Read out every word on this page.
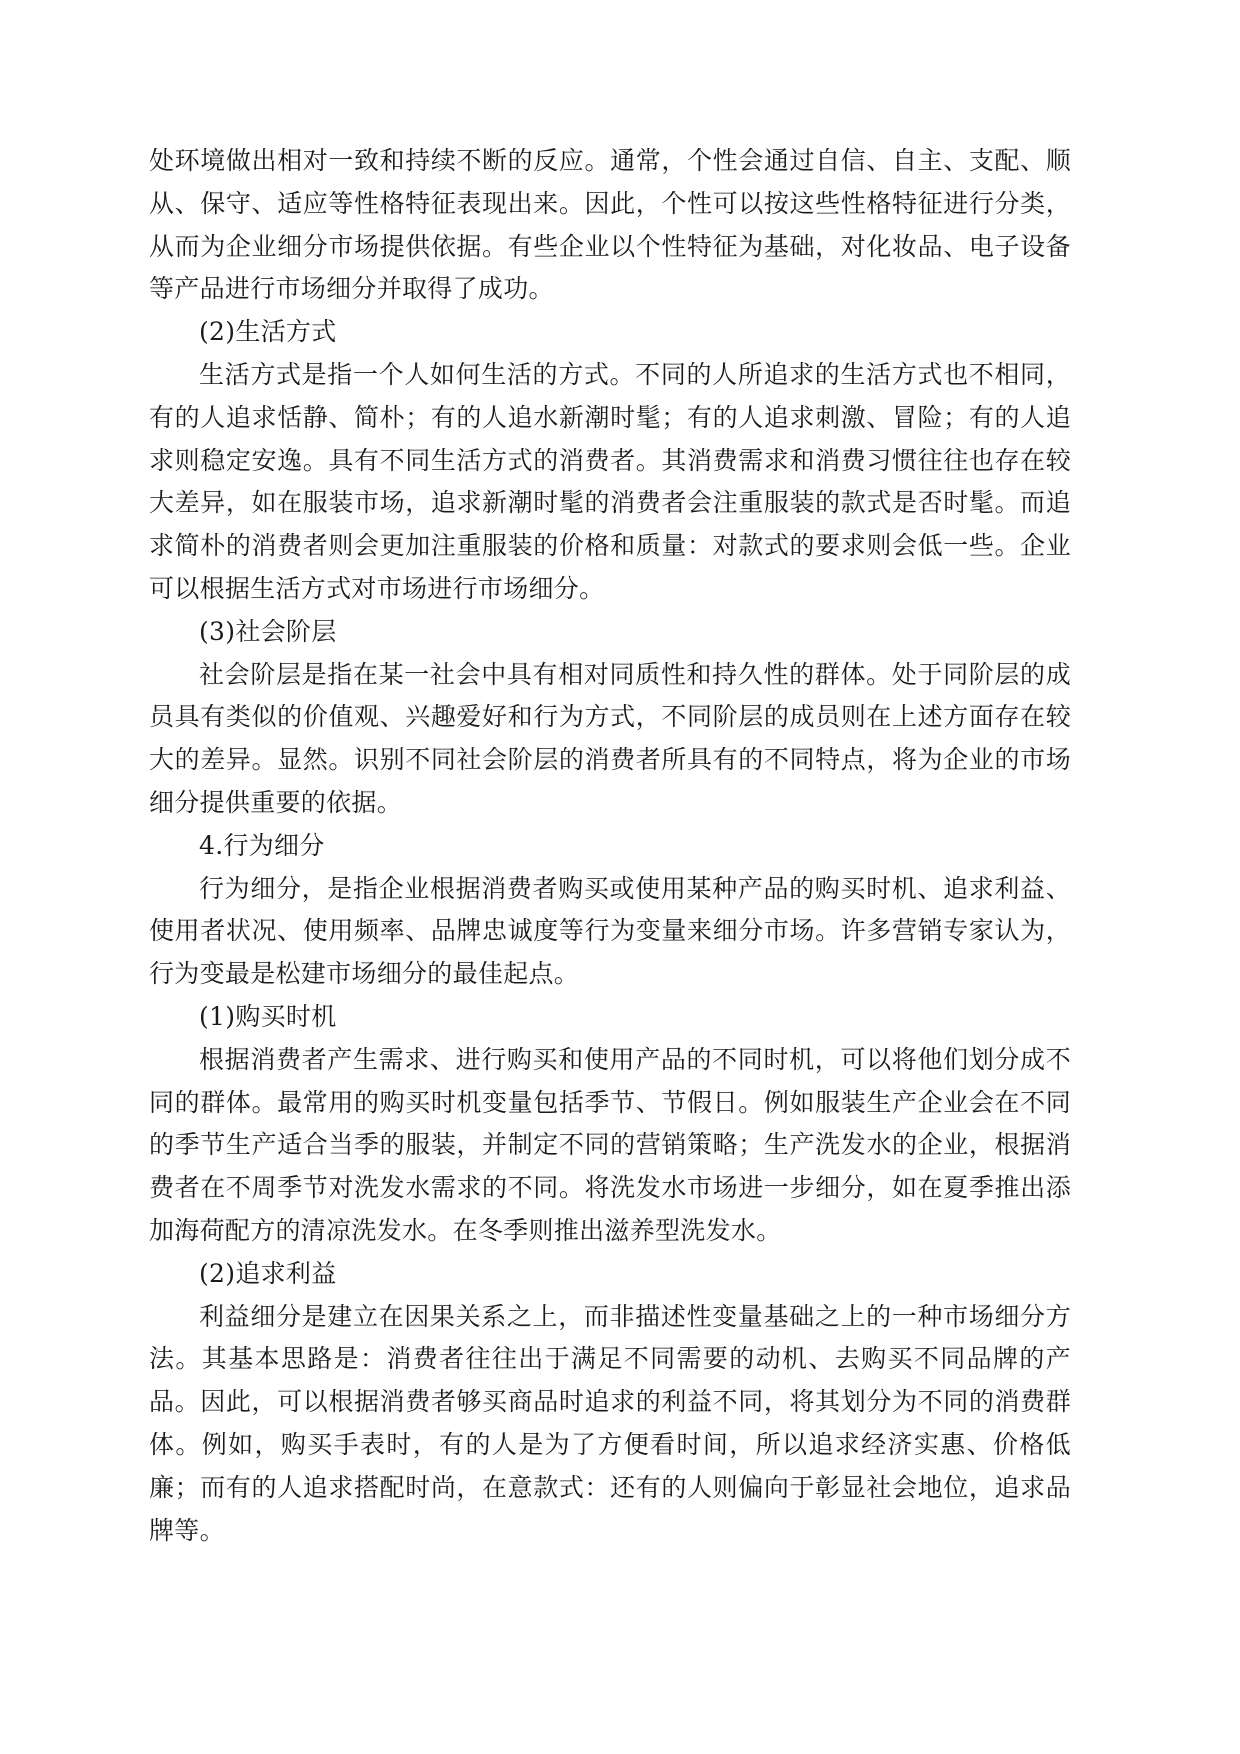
处环境做出相对一致和持续不断的反应。通常，个性会通过自信、自主、支配、顺从、保守、适应等性格特征表现出来。因此，个性可以按这些性格特征进行分类，从而为企业细分市场提供依据。有些企业以个性特征为基础，对化妆品、电子设备等产品进行市场细分并取得了成功。

(2)生活方式

生活方式是指一个人如何生活的方式。不同的人所追求的生活方式也不相同，有的人追求恬静、简朴；有的人追水新潮时髦；有的人追求刺激、冒险；有的人追求则稳定安逸。具有不同生活方式的消费者。其消费需求和消费习惯往往也存在较大差异，如在服装市场，追求新潮时髦的消费者会注重服装的款式是否时髦。而追求简朴的消费者则会更加注重服装的价格和质量：对款式的要求则会低一些。企业可以根据生活方式对市场进行市场细分。

(3)社会阶层

社会阶层是指在某一社会中具有相对同质性和持久性的群体。处于同阶层的成员具有类似的价值观、兴趣爱好和行为方式，不同阶层的成员则在上述方面存在较大的差异。显然。识别不同社会阶层的消费者所具有的不同特点，将为企业的市场细分提供重要的依据。

4.行为细分

行为细分，是指企业根据消费者购买或使用某种产品的购买时机、追求利益、使用者状况、使用频率、品牌忠诚度等行为变量来细分市场。许多营销专家认为，行为变最是松建市场细分的最佳起点。

(1)购买时机

根据消费者产生需求、进行购买和使用产品的不同时机，可以将他们划分成不同的群体。最常用的购买时机变量包括季节、节假日。例如服装生产企业会在不同的季节生产适合当季的服装，并制定不同的营销策略；生产洗发水的企业，根据消费者在不周季节对洗发水需求的不同。将洗发水市场进一步细分，如在夏季推出添加海荷配方的清凉洗发水。在冬季则推出滋养型洗发水。

(2)追求利益

利益细分是建立在因果关系之上，而非描述性变量基础之上的一种市场细分方法。其基本思路是：消费者往往出于满足不同需要的动机、去购买不同品牌的产品。因此，可以根据消费者够买商品时追求的利益不同，将其划分为不同的消费群体。例如，购买手表时，有的人是为了方便看时间，所以追求经济实惠、价格低廉；而有的人追求搭配时尚，在意款式：还有的人则偏向于彰显社会地位，追求品牌等。
